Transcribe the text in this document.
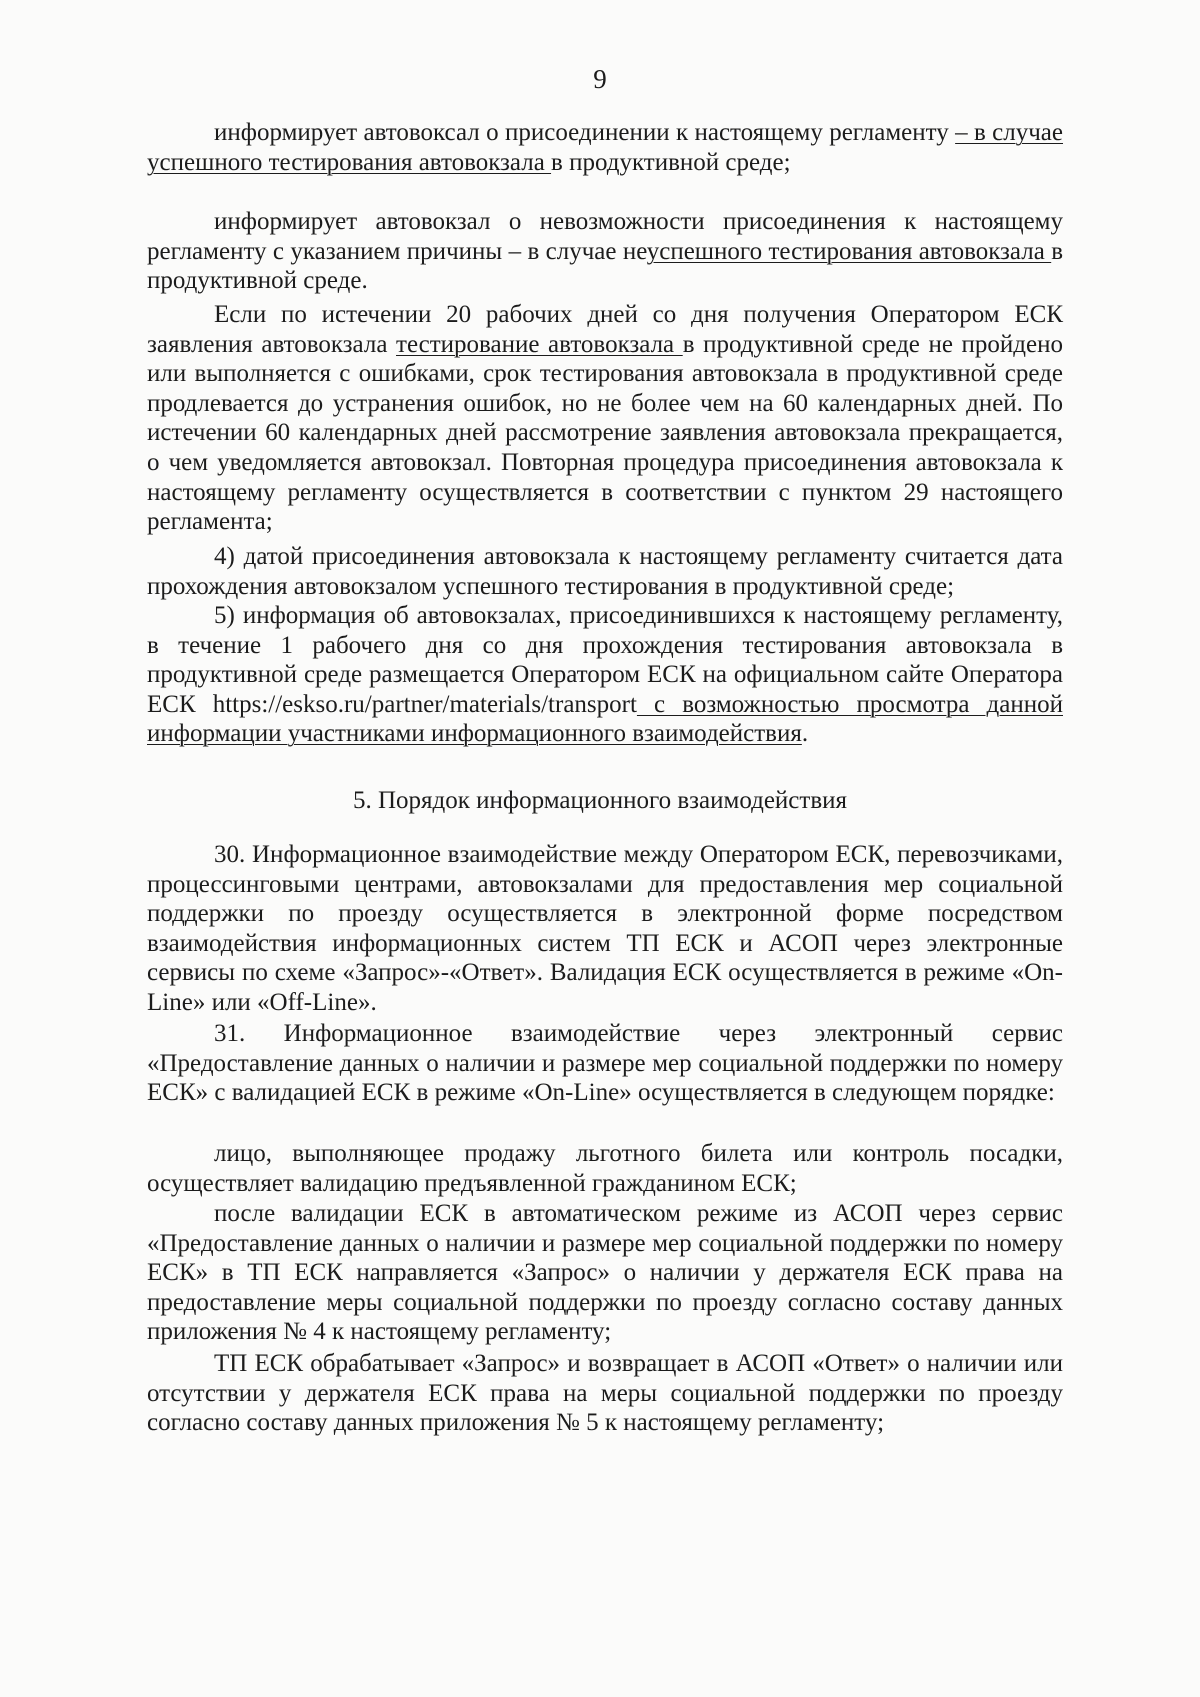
9

информирует автовоксал о присоединении к настоящему регламенту – в случае успешного тестирования автовокзала в продуктивной среде;

информирует автовокзал о невозможности присоединения к настоящему регламенту с указанием причины – в случае неуспешного тестирования автовокзала в продуктивной среде.

Если по истечении 20 рабочих дней со дня получения Оператором ЕСК заявления автовокзала тестирование автовокзала в продуктивной среде не пройдено или выполняется с ошибками, срок тестирования автовокзала в продуктивной среде продлевается до устранения ошибок, но не более чем на 60 календарных дней. По истечении 60 календарных дней рассмотрение заявления автовокзала прекращается, о чем уведомляется автовокзал. Повторная процедура присоединения автовокзала к настоящему регламенту осуществляется в соответствии с пунктом 29 настоящего регламента;

4) датой присоединения автовокзала к настоящему регламенту считается дата прохождения автовокзалом успешного тестирования в продуктивной среде;

5) информация об автовокзалах, присоединившихся к настоящему регламенту, в течение 1 рабочего дня со дня прохождения тестирования автовокзала в продуктивной среде размещается Оператором ЕСК на официальном сайте Оператора ЕСК https://eskso.ru/partner/materials/transport с возможностью просмотра данной информации участниками информационного взаимодействия.

5. Порядок информационного взаимодействия

30. Информационное взаимодействие между Оператором ЕСК, перевозчиками, процессинговыми центрами, автовокзалами для предоставления мер социальной поддержки по проезду осуществляется в электронной форме посредством взаимодействия информационных систем ТП ЕСК и АСОП через электронные сервисы по схеме «Запрос»-«Ответ». Валидация ЕСК осуществляется в режиме «On-Line» или «Off-Line».

31. Информационное взаимодействие через электронный сервис «Предоставление данных о наличии и размере мер социальной поддержки по номеру ЕСК» с валидацией ЕСК в режиме «On-Line» осуществляется в следующем порядке:

лицо, выполняющее продажу льготного билета или контроль посадки, осуществляет валидацию предъявленной гражданином ЕСК;

после валидации ЕСК в автоматическом режиме из АСОП через сервис «Предоставление данных о наличии и размере мер социальной поддержки по номеру ЕСК» в ТП ЕСК направляется «Запрос» о наличии у держателя ЕСК права на предоставление меры социальной поддержки по проезду согласно составу данных приложения № 4 к настоящему регламенту;

ТП ЕСК обрабатывает «Запрос» и возвращает в АСОП «Ответ» о наличии или отсутствии у держателя ЕСК права на меры социальной поддержки по проезду согласно составу данных приложения № 5 к настоящему регламенту;
